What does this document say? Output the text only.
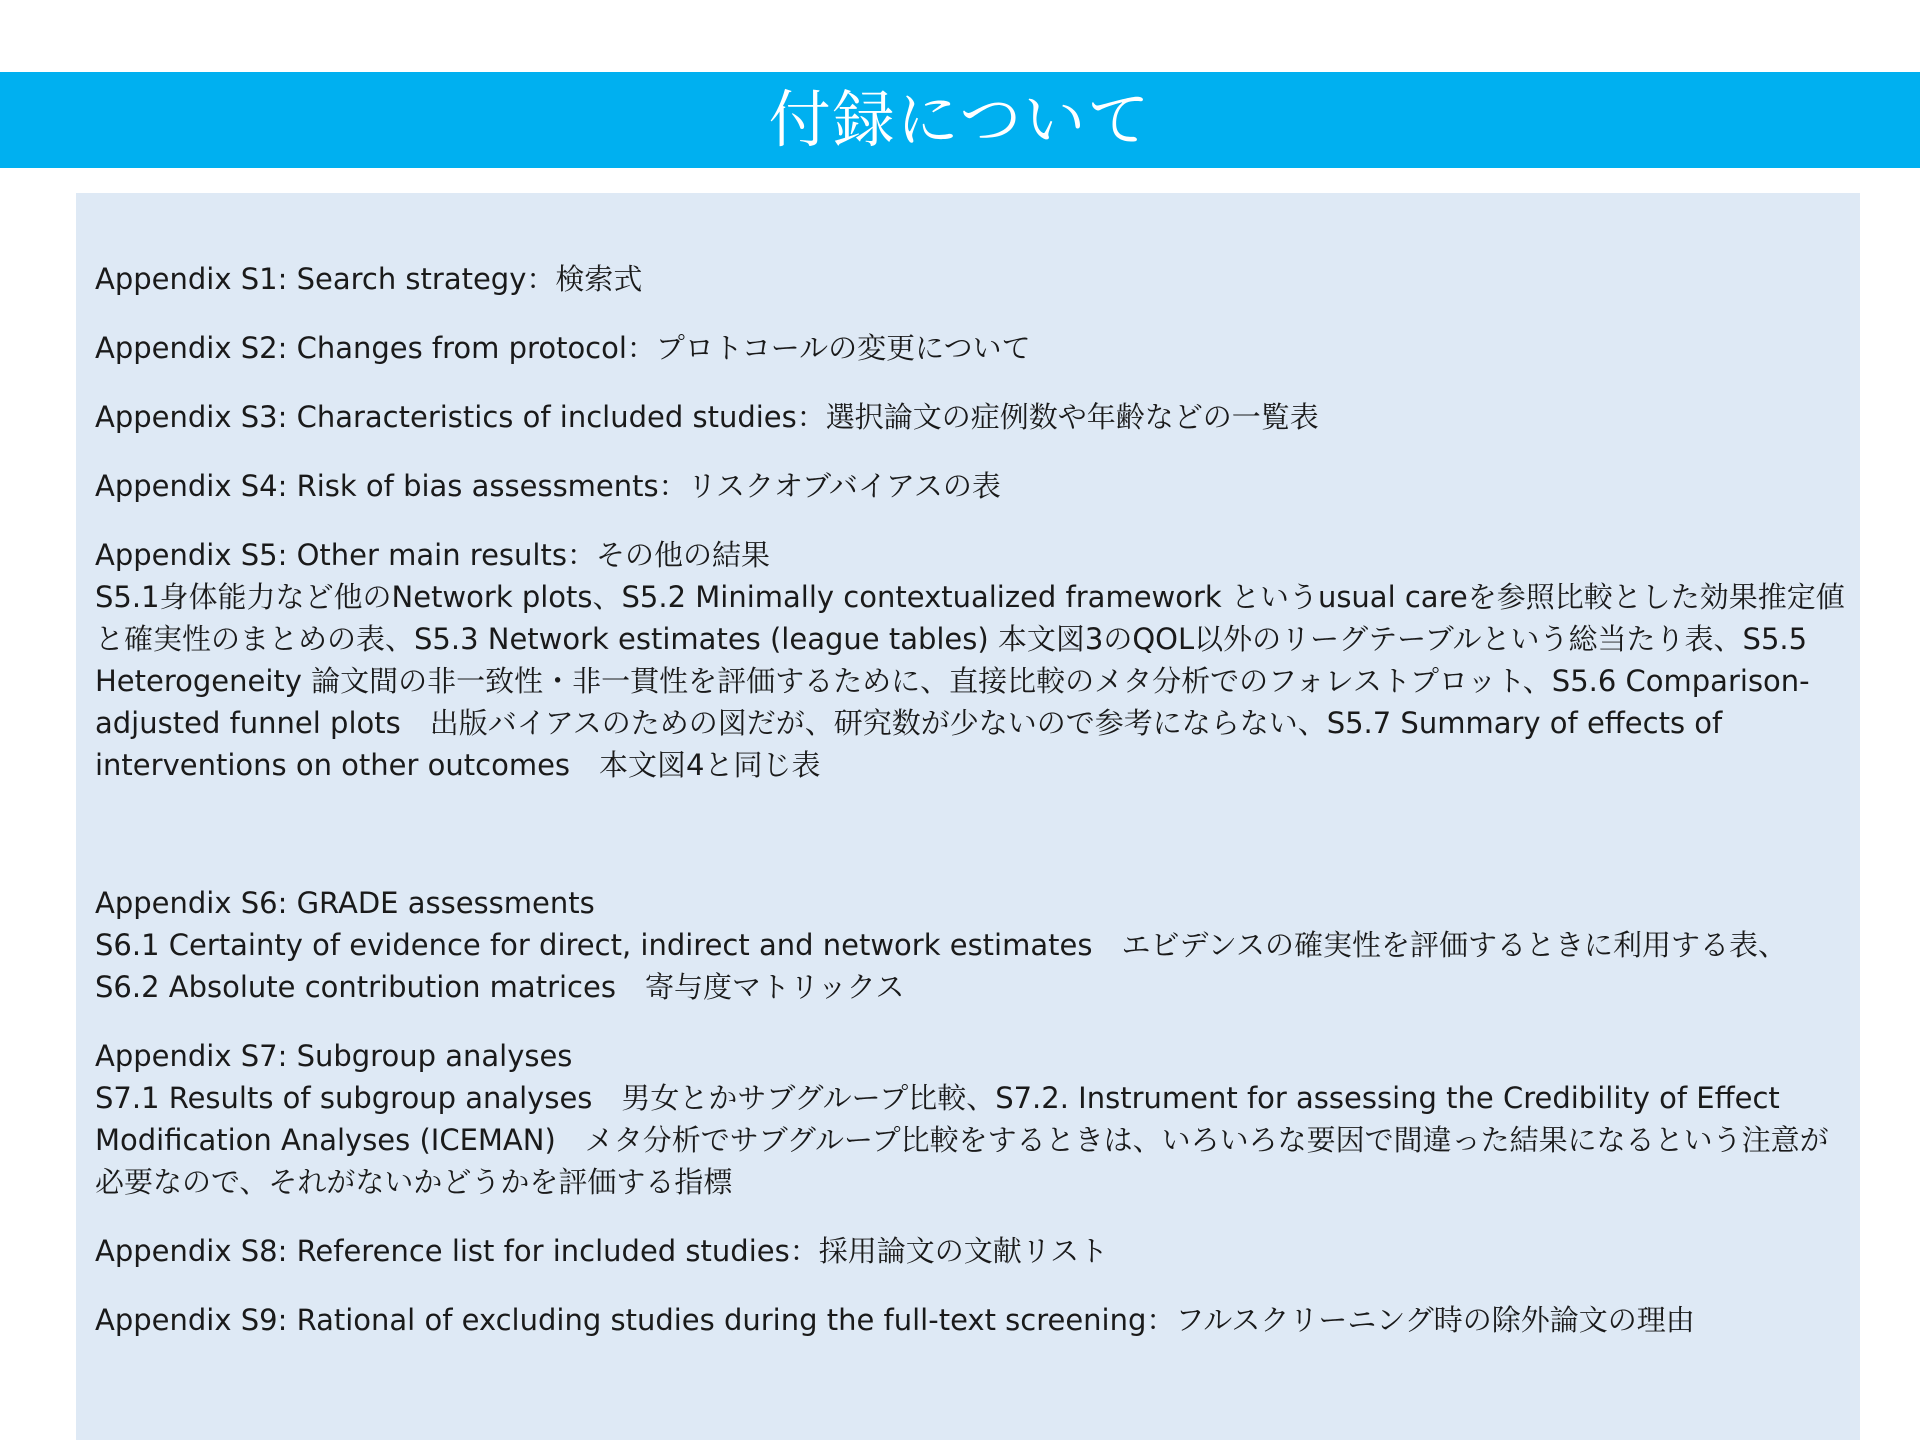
付録について

Appendix S1: Search strategy：検索式

Appendix S2: Changes from protocol：プロトコールの変更について

Appendix S3: Characteristics of included studies：選択論文の症例数や年齢などの一覧表

Appendix S4: Risk of bias assessments：リスクオブバイアスの表

Appendix S5: Other main results：その他の結果

S5.1身体能力など他のNetwork plots、S5.2 Minimally contextualized framework というusual careを参照比較とした効果推定値と確実性のまとめの表、S5.3 Network estimates (league tables) 本文図3のQOL以外のリーグテーブルという総当たり表、S5.5 Heterogeneity 論文間の非一致性・非一貫性を評価するために、直接比較のメタ分析でのフォレストプロット、S5.6 Comparison-adjusted funnel plots　出版バイアスのための図だが、研究数が少ないので参考にならない、S5.7 Summary of effects of interventions on other outcomes　本文図4と同じ表

Appendix S6: GRADE assessments

S6.1 Certainty of evidence for direct, indirect and network estimates　エビデンスの確実性を評価するときに利用する表、S6.2 Absolute contribution matrices　寄与度マトリックス

Appendix S7: Subgroup analyses

S7.1 Results of subgroup analyses　男女とかサブグループ比較、S7.2. Instrument for assessing the Credibility of Effect Modification Analyses (ICEMAN)　メタ分析でサブグループ比較をするときは、いろいろな要因で間違った結果になるという注意が必要なので、それがないかどうかを評価する指標

Appendix S8: Reference list for included studies：採用論文の文献リスト

Appendix S9: Rational of excluding studies during the full-text screening：フルスクリーニング時の除外論文の理由
